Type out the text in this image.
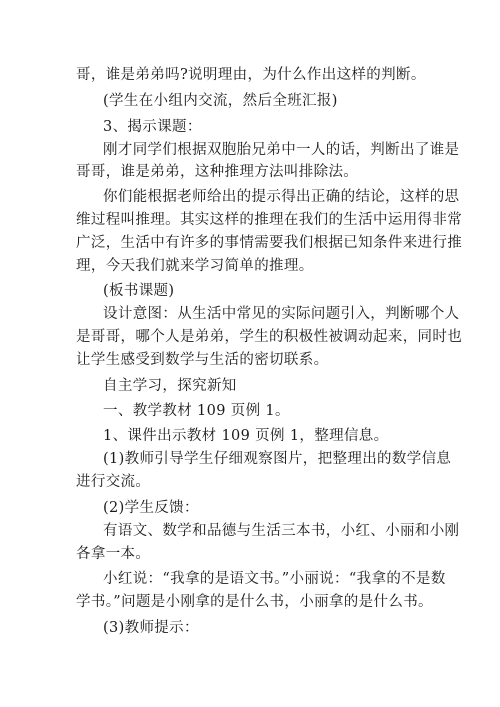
哥，谁是弟弟吗?说明理由，为什么作出这样的判断。
(学生在小组内交流，然后全班汇报)
3、揭示课题：
刚才同学们根据双胞胎兄弟中一人的话，判断出了谁是
哥哥，谁是弟弟，这种推理方法叫排除法。
你们能根据老师给出的提示得出正确的结论，这样的思
维过程叫推理。其实这样的推理在我们的生活中运用得非常
广泛，生活中有许多的事情需要我们根据已知条件来进行推
理，今天我们就来学习简单的推理。
(板书课题)
设计意图：从生活中常见的实际问题引入，判断哪个人
是哥哥，哪个人是弟弟，学生的积极性被调动起来，同时也
让学生感受到数学与生活的密切联系。
自主学习，探究新知
一、教学教材 109 页例 1。
1、课件出示教材 109 页例 1，整理信息。
(1)教师引导学生仔细观察图片，把整理出的数学信息
进行交流。
(2)学生反馈：
有语文、数学和品德与生活三本书，小红、小丽和小刚
各拿一本。
小红说：“我拿的是语文书。”小丽说：“我拿的不是数
学书。”问题是小刚拿的是什么书，小丽拿的是什么书。
(3)教师提示：
